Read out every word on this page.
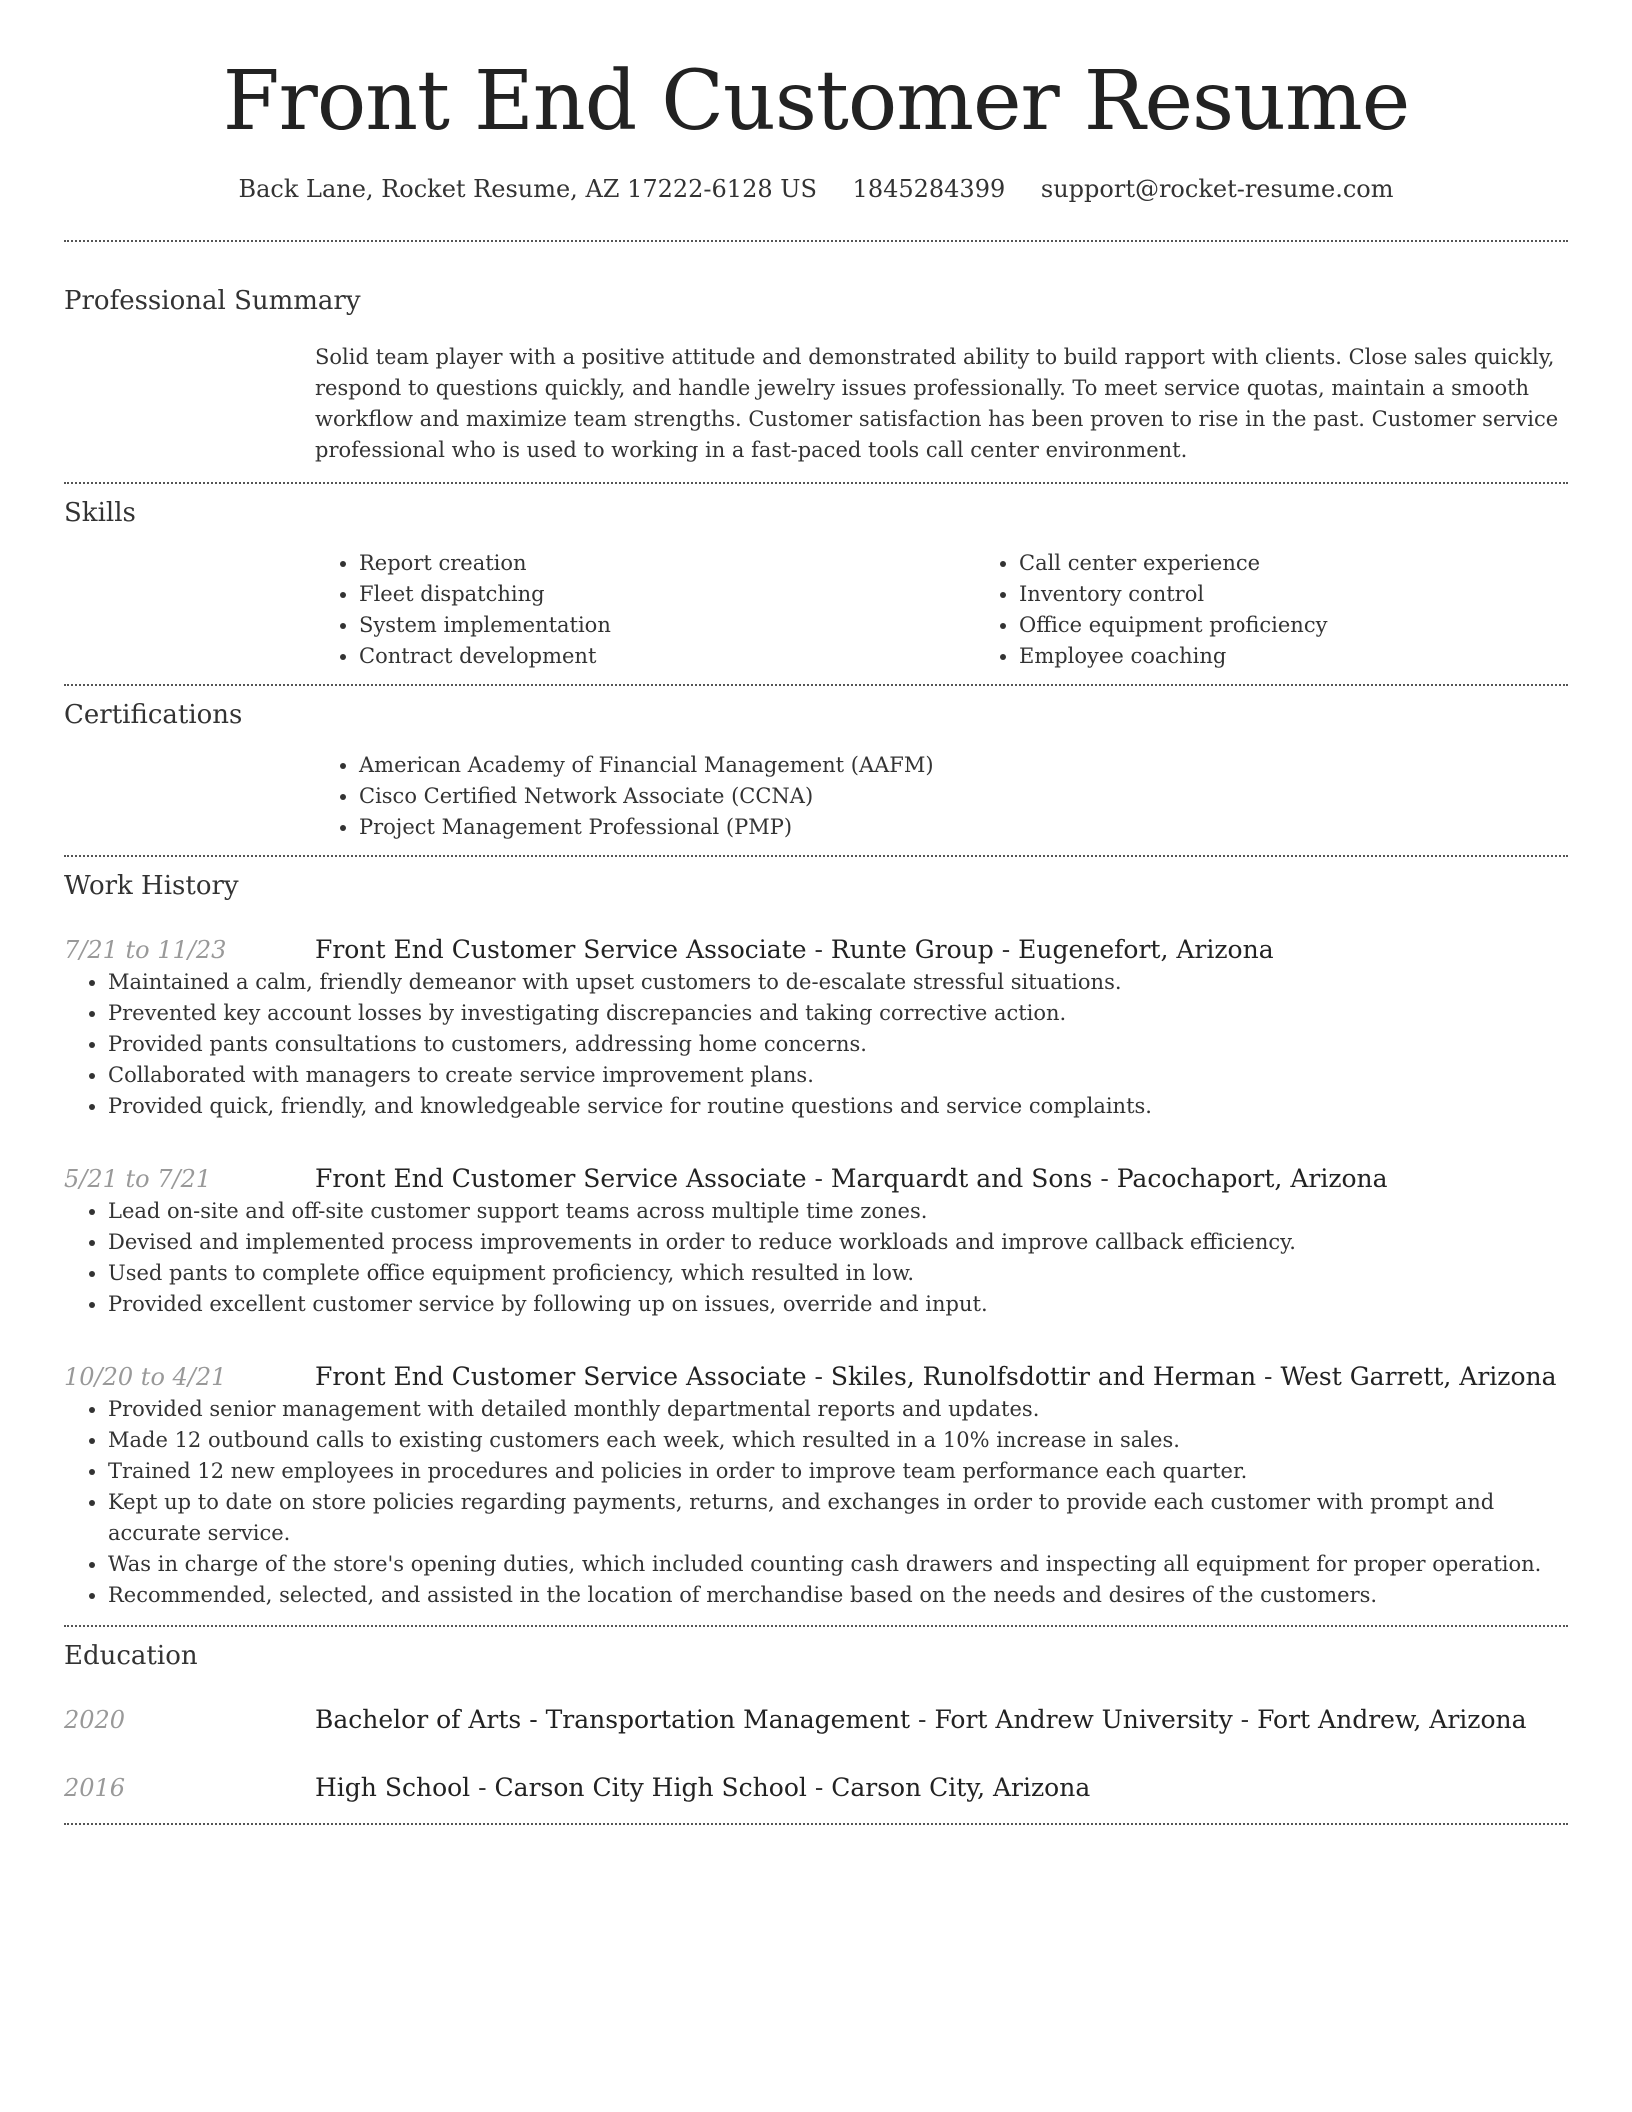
Front End Customer Resume
Back Lane, Rocket Resume, AZ 17222-6128 US 1845284399 support@rocket-resume.com
Professional Summary
Solid team player with a positive attitude and demonstrated ability to build rapport with clients. Close sales quickly, respond to questions quickly, and handle jewelry issues professionally. To meet service quotas, maintain a smooth workflow and maximize team strengths. Customer satisfaction has been proven to rise in the past. Customer service professional who is used to working in a fast-paced tools call center environment.
Skills
• Report creation
• Fleet dispatching
• System implementation
• Contract development
• Call center experience
• Inventory control
• Office equipment proficiency
• Employee coaching
Certifications
• American Academy of Financial Management (AAFM)
• Cisco Certified Network Associate (CCNA)
• Project Management Professional (PMP)
Work History
7/21 to 11/23	Front End Customer Service Associate - Runte Group - Eugenefort, Arizona
• Maintained a calm, friendly demeanor with upset customers to de-escalate stressful situations.
• Prevented key account losses by investigating discrepancies and taking corrective action.
• Provided pants consultations to customers, addressing home concerns.
• Collaborated with managers to create service improvement plans.
• Provided quick, friendly, and knowledgeable service for routine questions and service complaints.
5/21 to 7/21	Front End Customer Service Associate - Marquardt and Sons - Pacochaport, Arizona
• Lead on-site and off-site customer support teams across multiple time zones.
• Devised and implemented process improvements in order to reduce workloads and improve callback efficiency.
• Used pants to complete office equipment proficiency, which resulted in low.
• Provided excellent customer service by following up on issues, override and input.
10/20 to 4/21	Front End Customer Service Associate - Skiles, Runolfsdottir and Herman - West Garrett, Arizona
• Provided senior management with detailed monthly departmental reports and updates.
• Made 12 outbound calls to existing customers each week, which resulted in a 10% increase in sales.
• Trained 12 new employees in procedures and policies in order to improve team performance each quarter.
• Kept up to date on store policies regarding payments, returns, and exchanges in order to provide each customer with prompt and accurate service.
• Was in charge of the store's opening duties, which included counting cash drawers and inspecting all equipment for proper operation.
• Recommended, selected, and assisted in the location of merchandise based on the needs and desires of the customers.
Education
2020	Bachelor of Arts - Transportation Management - Fort Andrew University - Fort Andrew, Arizona
2016	High School - Carson City High School - Carson City, Arizona
